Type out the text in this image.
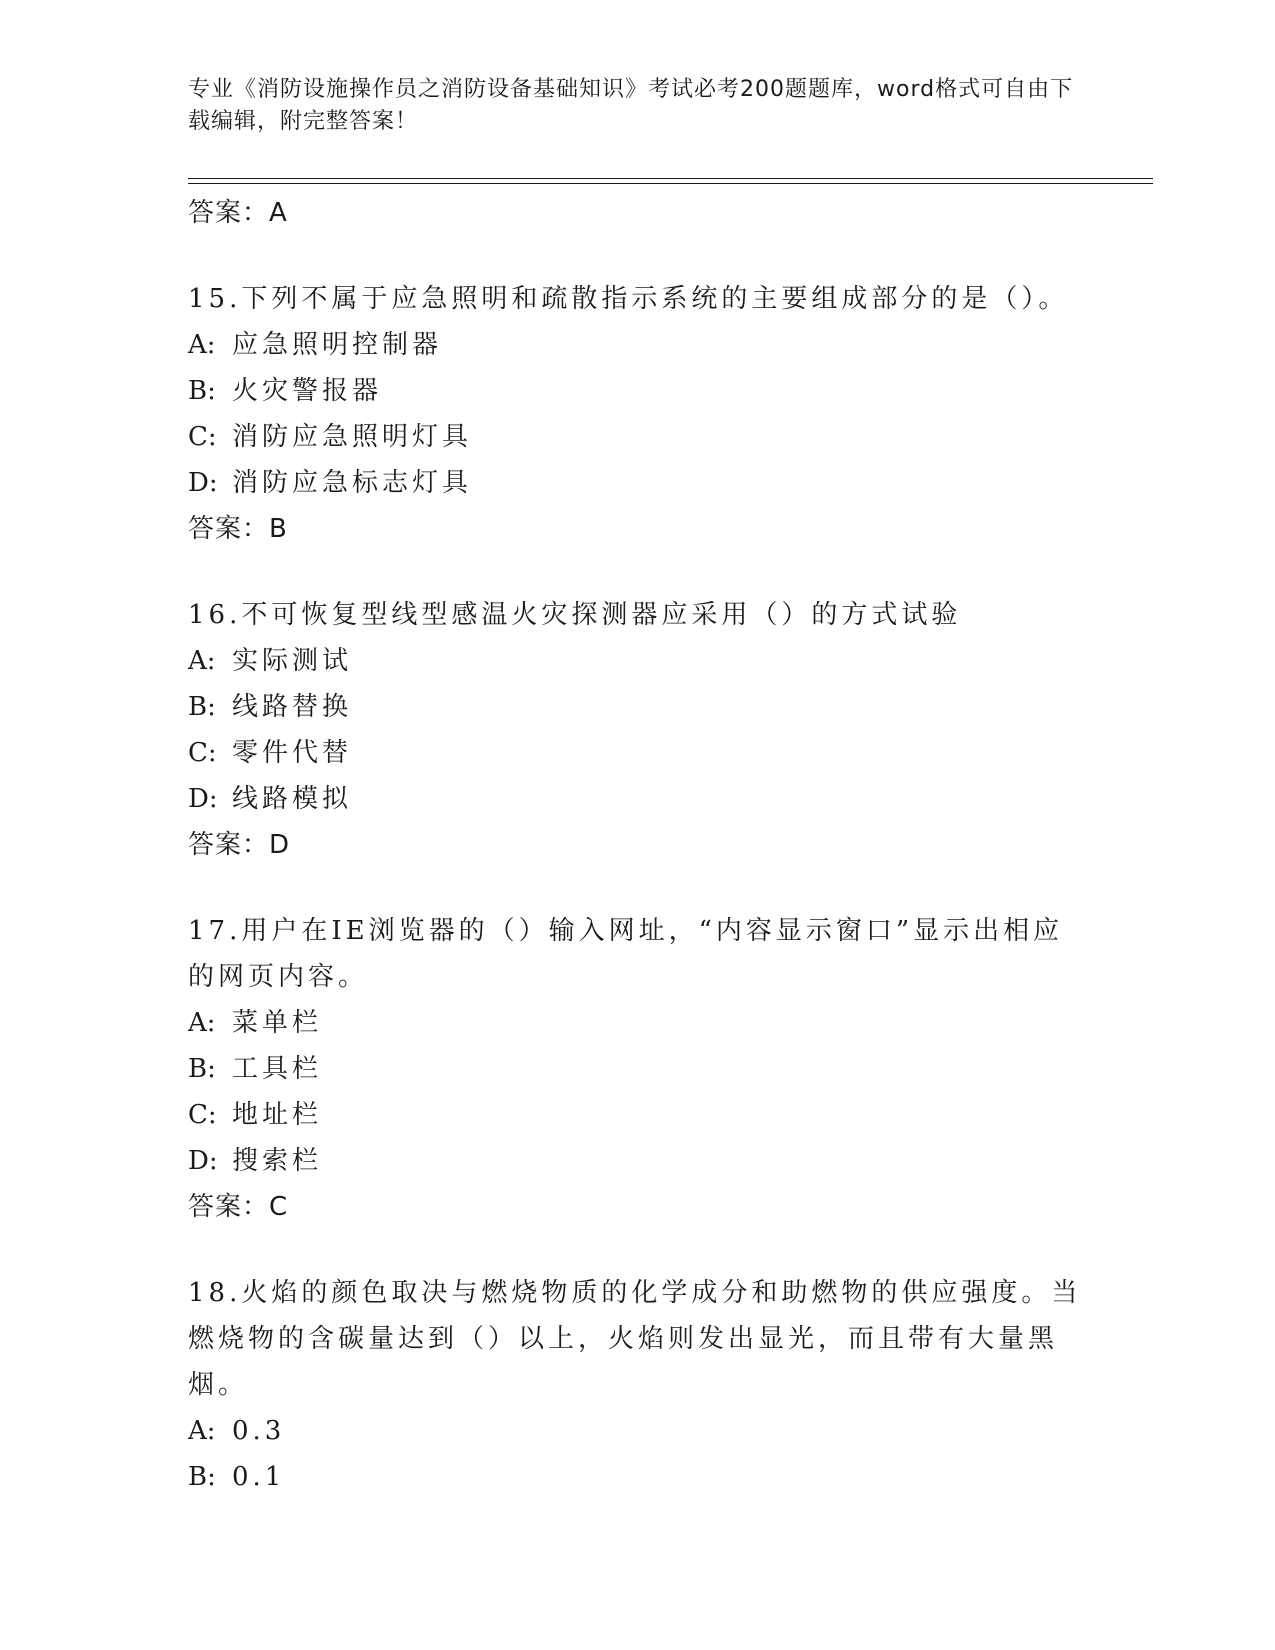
专业《消防设施操作员之消防设备基础知识》考试必考200题题库，word格式可自由下载编辑，附完整答案！
答案：A
15.下列不属于应急照明和疏散指示系统的主要组成部分的是（）。
A: 应急照明控制器
B: 火灾警报器
C: 消防应急照明灯具
D: 消防应急标志灯具
答案：B
16.不可恢复型线型感温火灾探测器应采用（）的方式试验
A: 实际测试
B: 线路替换
C: 零件代替
D: 线路模拟
答案：D
17.用户在IE浏览器的（）输入网址，“内容显示窗口”显示出相应的网页内容。
A: 菜单栏
B: 工具栏
C: 地址栏
D: 搜索栏
答案：C
18.火焰的颜色取决与燃烧物质的化学成分和助燃物的供应强度。当燃烧物的含碳量达到（）以上，火焰则发出显光，而且带有大量黑烟。
A: 0.3
B: 0.1
